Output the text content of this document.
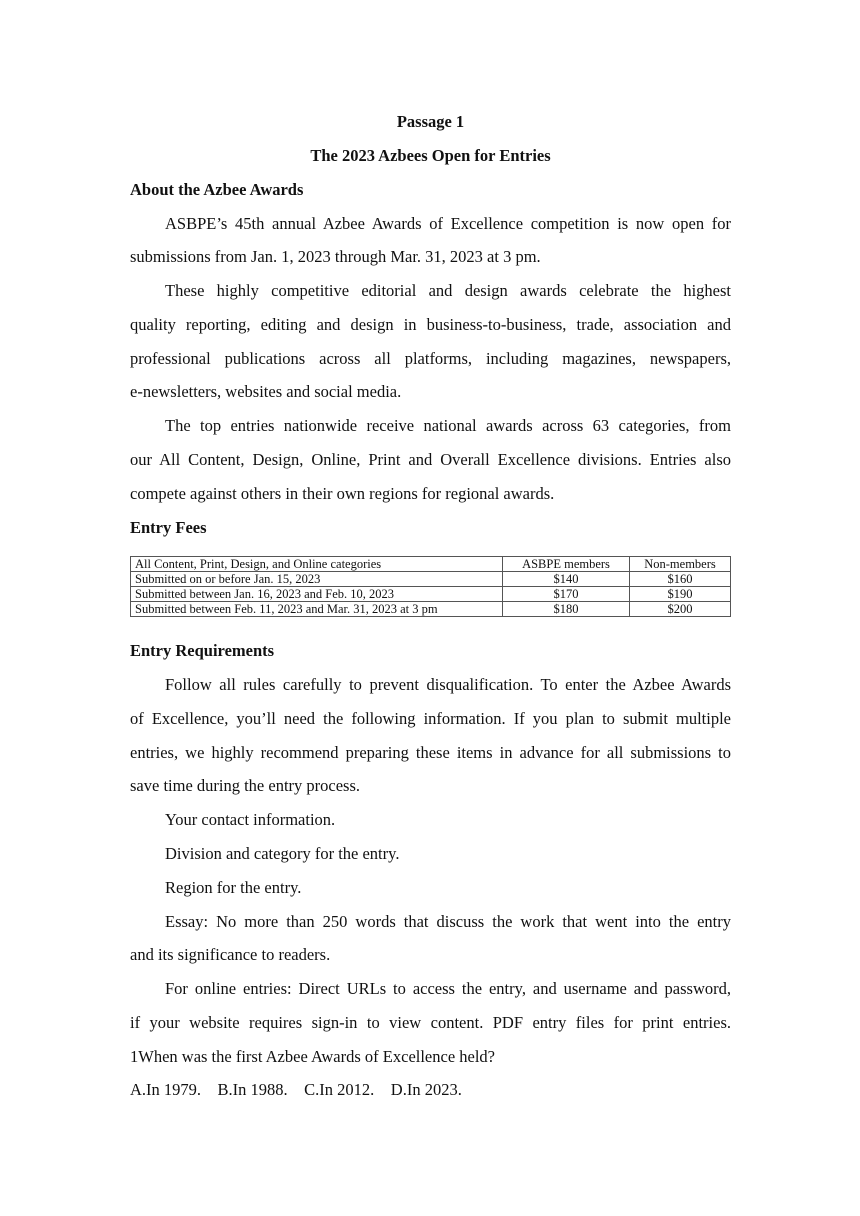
Passage 1
The 2023 Azbees Open for Entries
About the Azbee Awards
ASBPE’s 45th annual Azbee Awards of Excellence competition is now open for
submissions from Jan. 1, 2023 through Mar. 31, 2023 at 3 pm.
These highly competitive editorial and design awards celebrate the highest
quality reporting, editing and design in business-to-business, trade, association and
professional publications across all platforms, including magazines, newspapers,
e-newsletters, websites and social media.
The top entries nationwide receive national awards across 63 categories, from
our All Content, Design, Online, Print and Overall Excellence divisions. Entries also
compete against others in their own regions for regional awards.
Entry Fees
All Content, Print, Design, and Online categories	ASBPE members	Non-members
Submitted on or before Jan. 15, 2023	$140	$160
Submitted between Jan. 16, 2023 and Feb. 10, 2023	$170	$190
Submitted between Feb. 11, 2023 and Mar. 31, 2023 at 3 pm	$180	$200
Entry Requirements
Follow all rules carefully to prevent disqualification. To enter the Azbee Awards
of Excellence, you’ll need the following information. If you plan to submit multiple
entries, we highly recommend preparing these items in advance for all submissions to
save time during the entry process.
Your contact information.
Division and category for the entry.
Region for the entry.
Essay: No more than 250 words that discuss the work that went into the entry
and its significance to readers.
For online entries: Direct URLs to access the entry, and username and password,
if your website requires sign-in to view content. PDF entry files for print entries.
1When was the first Azbee Awards of Excellence held?
A.In 1979.　B.In 1988.　C.In 2012.　D.In 2023.
